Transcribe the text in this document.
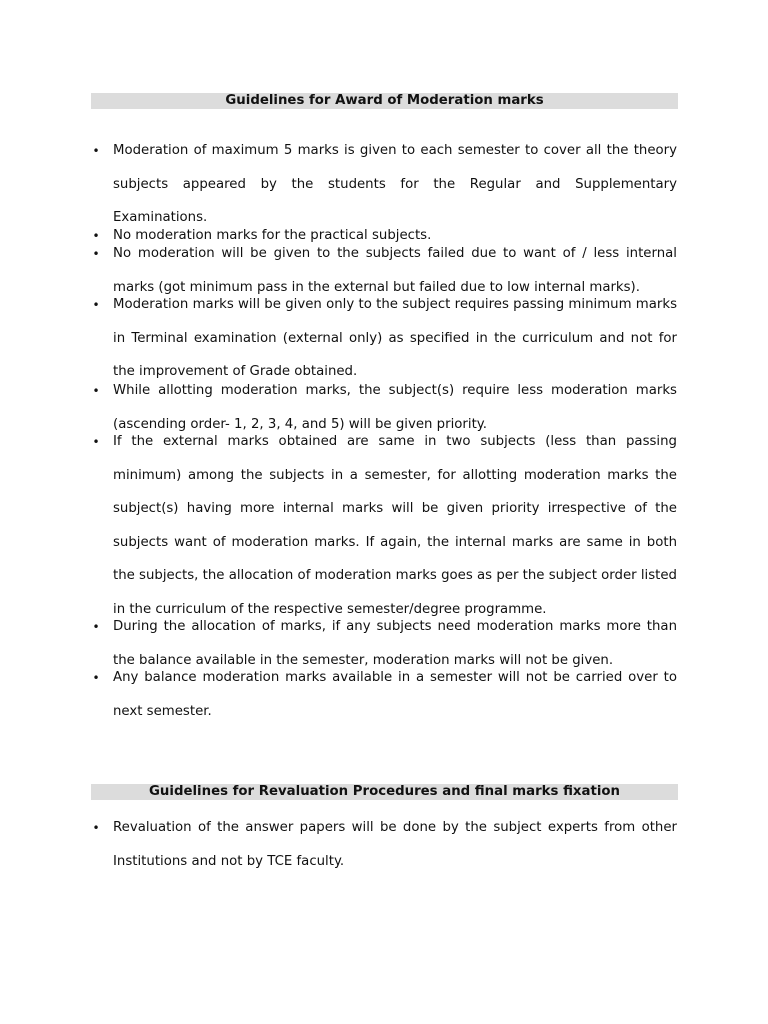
Guidelines for Award of Moderation marks
•	Moderation of maximum 5 marks is given to each semester to cover all the theory subjects appeared by the students for the Regular and Supplementary Examinations.
•	No moderation marks for the practical subjects.
•	No moderation will be given to the subjects failed due to want of / less internal marks (got minimum pass in the external but failed due to low internal marks).
•	Moderation marks will be given only to the subject requires passing minimum marks in Terminal examination (external only) as specified in the curriculum and not for the improvement of Grade obtained.
•	While allotting moderation marks, the subject(s) require less moderation marks (ascending order- 1, 2, 3, 4, and 5) will be given priority.
•	If the external marks obtained are same in two subjects (less than passing minimum) among the subjects in a semester, for allotting moderation marks the subject(s) having more internal marks will be given priority irrespective of the subjects want of moderation marks. If again, the internal marks are same in both the subjects, the allocation of moderation marks goes as per the subject order listed in the curriculum of the respective semester/degree programme.
•	During the allocation of marks, if any subjects need moderation marks more than the balance available in the semester, moderation marks will not be given.
•	Any balance moderation marks available in a semester will not be carried over to next semester.
Guidelines for Revaluation Procedures and final marks fixation
•	Revaluation of the answer papers will be done by the subject experts from other Institutions and not by TCE faculty.
